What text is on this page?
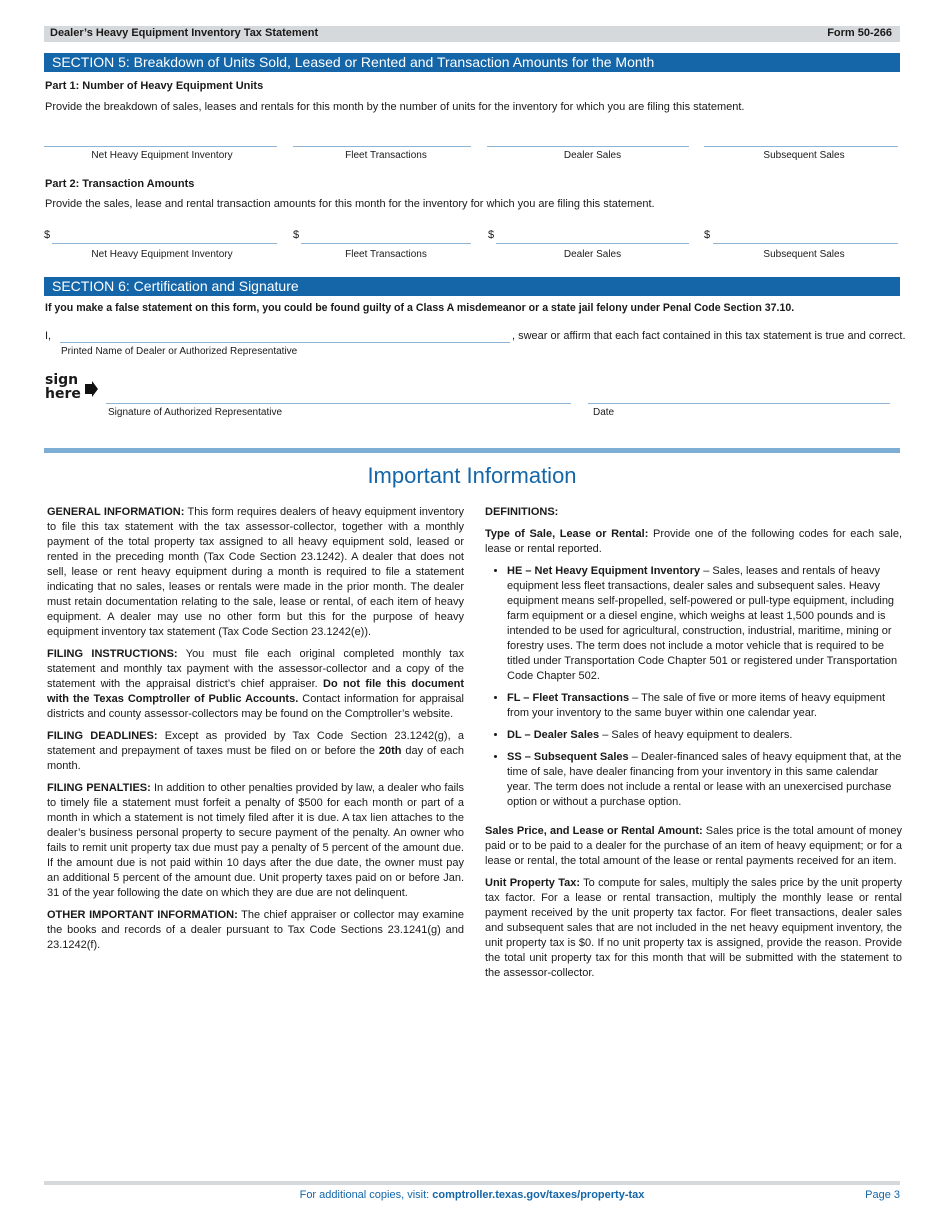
Dealer’s Heavy Equipment Inventory Tax Statement	Form 50-266
SECTION 5: Breakdown of Units Sold, Leased or Rented and Transaction Amounts for the Month
Part 1: Number of Heavy Equipment Units
Provide the breakdown of sales, leases and rentals for this month by the number of units for the inventory for which you are filing this statement.
Net Heavy Equipment Inventory	Fleet Transactions	Dealer Sales	Subsequent Sales
Part 2: Transaction Amounts
Provide the sales, lease and rental transaction amounts for this month for the inventory for which you are filing this statement.
$	$	$	$
Net Heavy Equipment Inventory	Fleet Transactions	Dealer Sales	Subsequent Sales
SECTION 6: Certification and Signature
If you make a false statement on this form, you could be found guilty of a Class A misdemeanor or a state jail felony under Penal Code Section 37.10.
I,	, swear or affirm that each fact contained in this tax statement is true and correct.
Printed Name of Dealer or Authorized Representative
sign
here
Signature of Authorized Representative	Date
Important Information

GENERAL INFORMATION: This form requires dealers of heavy equipment inventory to file this tax statement with the tax assessor-collector, together with a monthly payment of the total property tax assigned to all heavy equipment sold, leased or rented in the preceding month (Tax Code Section 23.1242). A dealer that does not sell, lease or rent heavy equipment during a month is required to file a statement indicating that no sales, leases or rentals were made in the prior month. The dealer must retain documentation relating to the sale, lease or rental, of each item of heavy equipment. A dealer may use no other form but this for the purpose of heavy equipment inventory tax statement (Tax Code Section 23.1242(e)).

FILING INSTRUCTIONS: You must file each original completed monthly tax statement and monthly tax payment with the assessor-collector and a copy of the statement with the appraisal district’s chief appraiser. Do not file this document with the Texas Comptroller of Public Accounts. Contact information for appraisal districts and county assessor-collectors may be found on the Comptroller’s website.

FILING DEADLINES: Except as provided by Tax Code Section 23.1242(g), a statement and prepayment of taxes must be filed on or before the 20th day of each month.

FILING PENALTIES: In addition to other penalties provided by law, a dealer who fails to timely file a statement must forfeit a penalty of $500 for each month or part of a month in which a statement is not timely filed after it is due. A tax lien attaches to the dealer’s business personal property to secure payment of the penalty. An owner who fails to remit unit property tax due must pay a penalty of 5 percent of the amount due. If the amount due is not paid within 10 days after the due date, the owner must pay an additional 5 percent of the amount due. Unit property taxes paid on or before Jan. 31 of the year following the date on which they are due are not delinquent.

OTHER IMPORTANT INFORMATION: The chief appraiser or collector may examine the books and records of a dealer pursuant to Tax Code Sections 23.1241(g) and 23.1242(f).

DEFINITIONS:

Type of Sale, Lease or Rental: Provide one of the following codes for each sale, lease or rental reported.

• HE – Net Heavy Equipment Inventory – Sales, leases and rentals of heavy equipment less fleet transactions, dealer sales and subsequent sales. Heavy equipment means self-propelled, self-powered or pull-type equipment, including farm equipment or a diesel engine, which weighs at least 1,500 pounds and is intended to be used for agricultural, construction, industrial, maritime, mining or forestry uses. The term does not include a motor vehicle that is required to be titled under Transportation Code Chapter 501 or registered under Transportation Code Chapter 502.
• FL – Fleet Transactions – The sale of five or more items of heavy equipment from your inventory to the same buyer within one calendar year.
• DL – Dealer Sales – Sales of heavy equipment to dealers.
• SS – Subsequent Sales – Dealer-financed sales of heavy equipment that, at the time of sale, have dealer financing from your inventory in this same calendar year. The term does not include a rental or lease with an unexercised purchase option or without a purchase option.

Sales Price, and Lease or Rental Amount: Sales price is the total amount of money paid or to be paid to a dealer for the purchase of an item of heavy equipment; or for a lease or rental, the total amount of the lease or rental payments received for an item.

Unit Property Tax: To compute for sales, multiply the sales price by the unit property tax factor. For a lease or rental transaction, multiply the monthly lease or rental payment received by the unit property tax factor. For fleet transactions, dealer sales and subsequent sales that are not included in the net heavy equipment inventory, the unit property tax is $0. If no unit property tax is assigned, provide the reason. Provide the total unit property tax for this month that will be submitted with the statement to the assessor-collector.

For additional copies, visit: comptroller.texas.gov/taxes/property-tax	Page 3
